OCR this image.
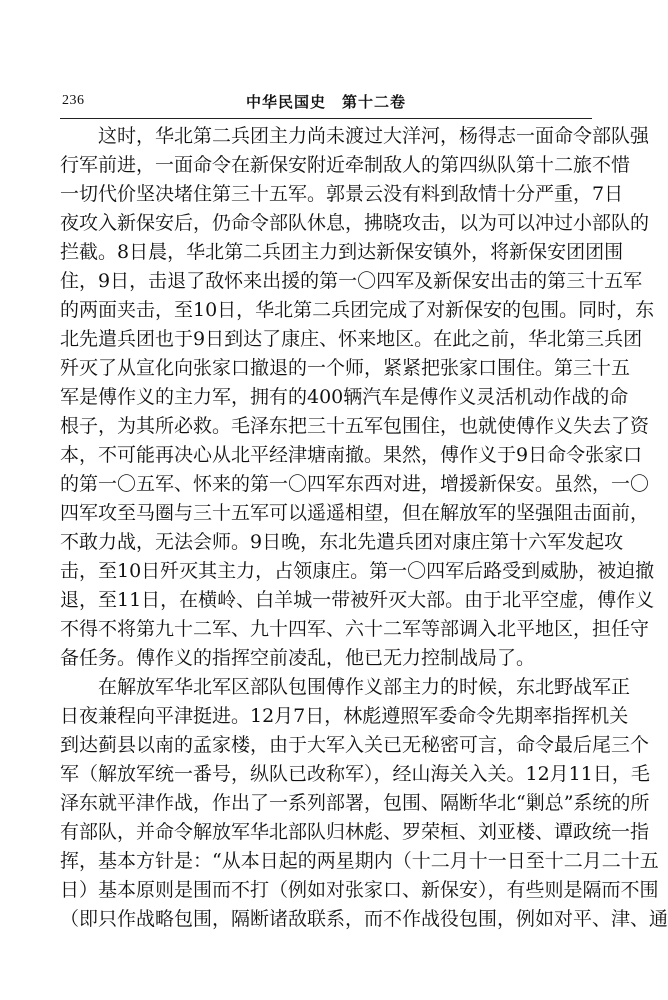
236	中华民国史　第十二卷
这时，华北第二兵团主力尚未渡过大洋河，杨得志一面命令部队强
行军前进，一面命令在新保安附近牵制敌人的第四纵队第十二旅不惜
一切代价坚决堵住第三十五军。郭景云没有料到敌情十分严重，7日
夜攻入新保安后，仍命令部队休息，拂晓攻击，以为可以冲过小部队的
拦截。8日晨，华北第二兵团主力到达新保安镇外，将新保安团团围
住，9日，击退了敌怀来出援的第一〇四军及新保安出击的第三十五军
的两面夹击，至10日，华北第二兵团完成了对新保安的包围。同时，东
北先遣兵团也于9日到达了康庄、怀来地区。在此之前，华北第三兵团
歼灭了从宣化向张家口撤退的一个师，紧紧把张家口围住。第三十五
军是傅作义的主力军，拥有的400辆汽车是傅作义灵活机动作战的命
根子，为其所必救。毛泽东把三十五军包围住，也就使傅作义失去了资
本，不可能再决心从北平经津塘南撤。果然，傅作义于9日命令张家口
的第一〇五军、怀来的第一〇四军东西对进，增援新保安。虽然，一〇
四军攻至马圈与三十五军可以遥遥相望，但在解放军的坚强阻击面前，
不敢力战，无法会师。9日晚，东北先遣兵团对康庄第十六军发起攻
击，至10日歼灭其主力，占领康庄。第一〇四军后路受到威胁，被迫撤
退，至11日，在横岭、白羊城一带被歼灭大部。由于北平空虚，傅作义
不得不将第九十二军、九十四军、六十二军等部调入北平地区，担任守
备任务。傅作义的指挥空前凌乱，他已无力控制战局了。
在解放军华北军区部队包围傅作义部主力的时候，东北野战军正
日夜兼程向平津挺进。12月7日，林彪遵照军委命令先期率指挥机关
到达蓟县以南的孟家楼，由于大军入关已无秘密可言，命令最后尾三个
军（解放军统一番号，纵队已改称军），经山海关入关。12月11日，毛
泽东就平津作战，作出了一系列部署，包围、隔断华北“剿总”系统的所
有部队，并命令解放军华北部队归林彪、罗荣桓、刘亚楼、谭政统一指
挥，基本方针是：“从本日起的两星期内（十二月十一日至十二月二十五
日）基本原则是围而不打（例如对张家口、新保安），有些则是隔而不围
（即只作战略包围，隔断诸敌联系，而不作战役包围，例如对平、津、通
